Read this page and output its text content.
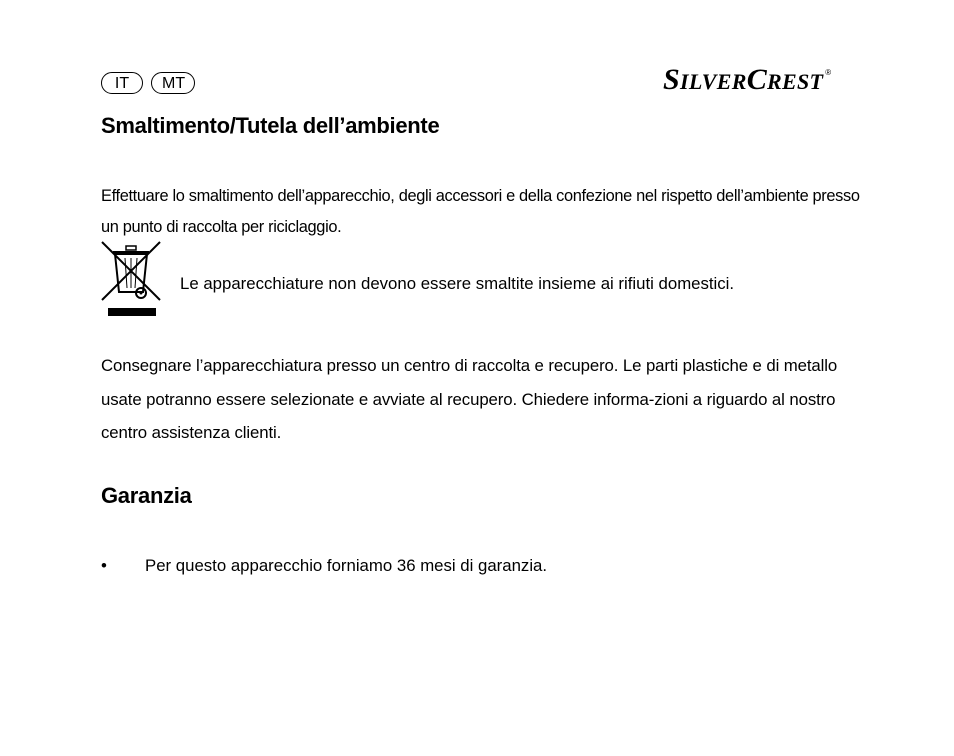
IT	MT	S ILVER C REST ®
Smaltimento/Tutela dell’ambiente

Effettuare lo smaltimento dell’apparecchio, degli accessori e della confezione nel rispetto dell’ambiente presso un punto di raccolta per riciclaggio.

Le apparecchiature non devono essere smaltite insieme ai rifiuti domestici.

Consegnare l’apparecchiatura presso un centro di raccolta e recupero. Le parti plastiche e di metallo usate potranno essere selezionate e avviate al recupero. Chiedere informa-zioni a riguardo al nostro centro assistenza clienti.

Garanzia
• Per questo apparecchio forniamo 36 mesi di garanzia.
